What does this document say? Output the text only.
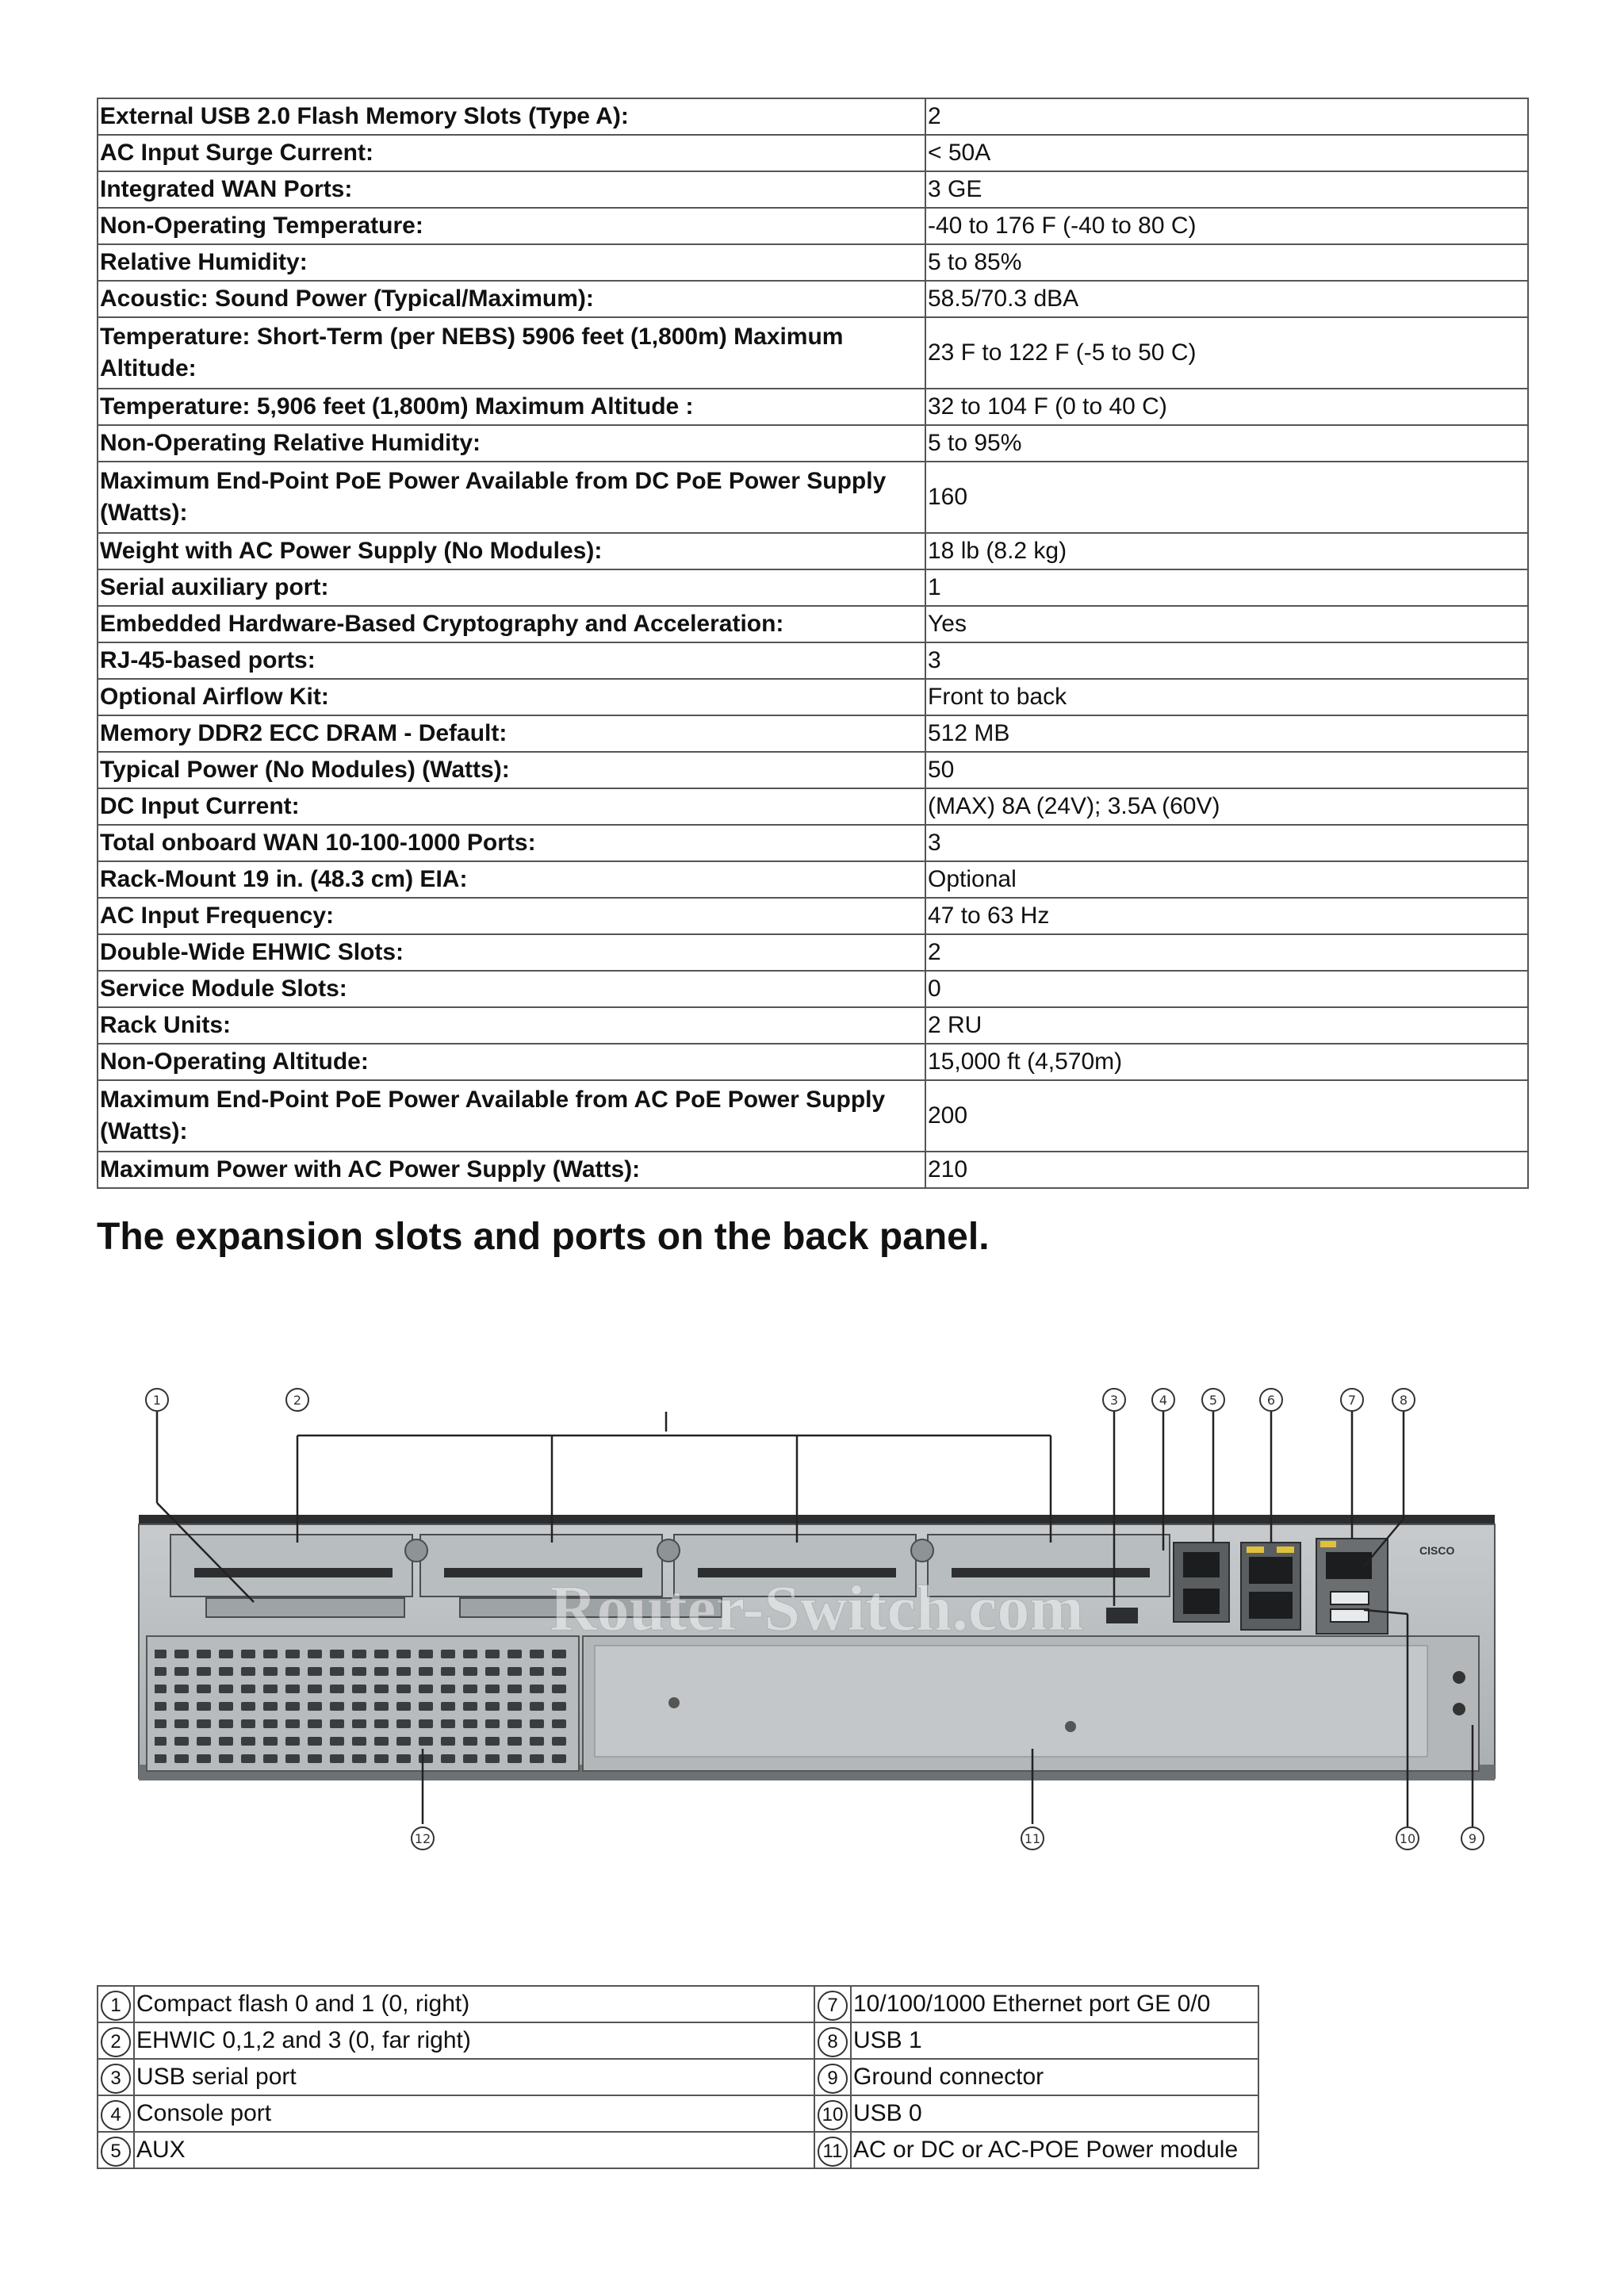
External USB 2.0 Flash Memory Slots (Type A):	2
AC Input Surge Current:	< 50A
Integrated WAN Ports:	3 GE
Non-Operating Temperature:	-40 to 176 F (-40 to 80 C)
Relative Humidity:	5 to 85%
Acoustic: Sound Power (Typical/Maximum):	58.5/70.3 dBA
Temperature: Short-Term (per NEBS) 5906 feet (1,800m) Maximum Altitude:	23 F to 122 F (-5 to 50 C)
Temperature: 5,906 feet (1,800m) Maximum Altitude :	32 to 104 F (0 to 40 C)
Non-Operating Relative Humidity:	5 to 95%
Maximum End-Point PoE Power Available from DC PoE Power Supply (Watts):	160
Weight with AC Power Supply (No Modules):	18 lb (8.2 kg)
Serial auxiliary port:	1
Embedded Hardware-Based Cryptography and Acceleration:	Yes
RJ-45-based ports:	3
Optional Airflow Kit:	Front to back
Memory DDR2 ECC DRAM - Default:	512 MB
Typical Power (No Modules) (Watts):	50
DC Input Current:	(MAX) 8A (24V); 3.5A (60V)
Total onboard WAN 10-100-1000 Ports:	3
Rack-Mount 19 in. (48.3 cm) EIA:	Optional
AC Input Frequency:	47 to 63 Hz
Double-Wide EHWIC Slots:	2
Service Module Slots:	0
Rack Units:	2 RU
Non-Operating Altitude:	15,000 ft (4,570m)
Maximum End-Point PoE Power Available from AC PoE Power Supply (Watts):	200
Maximum Power with AC Power Supply (Watts):	210
The expansion slots and ports on the back panel.
CISCO
Router-Switch.com
1	2	3	4	5	6	7	8
9
10
11
12
1	Compact flash 0 and 1 (0, right)	7	10/100/1000 Ethernet port GE 0/0
2	EHWIC 0,1,2 and 3 (0, far right)	8	USB 1
3	USB serial port	9	Ground connector
4	Console port	10	USB 0
5	AUX	11	AC or DC or AC-POE Power module
